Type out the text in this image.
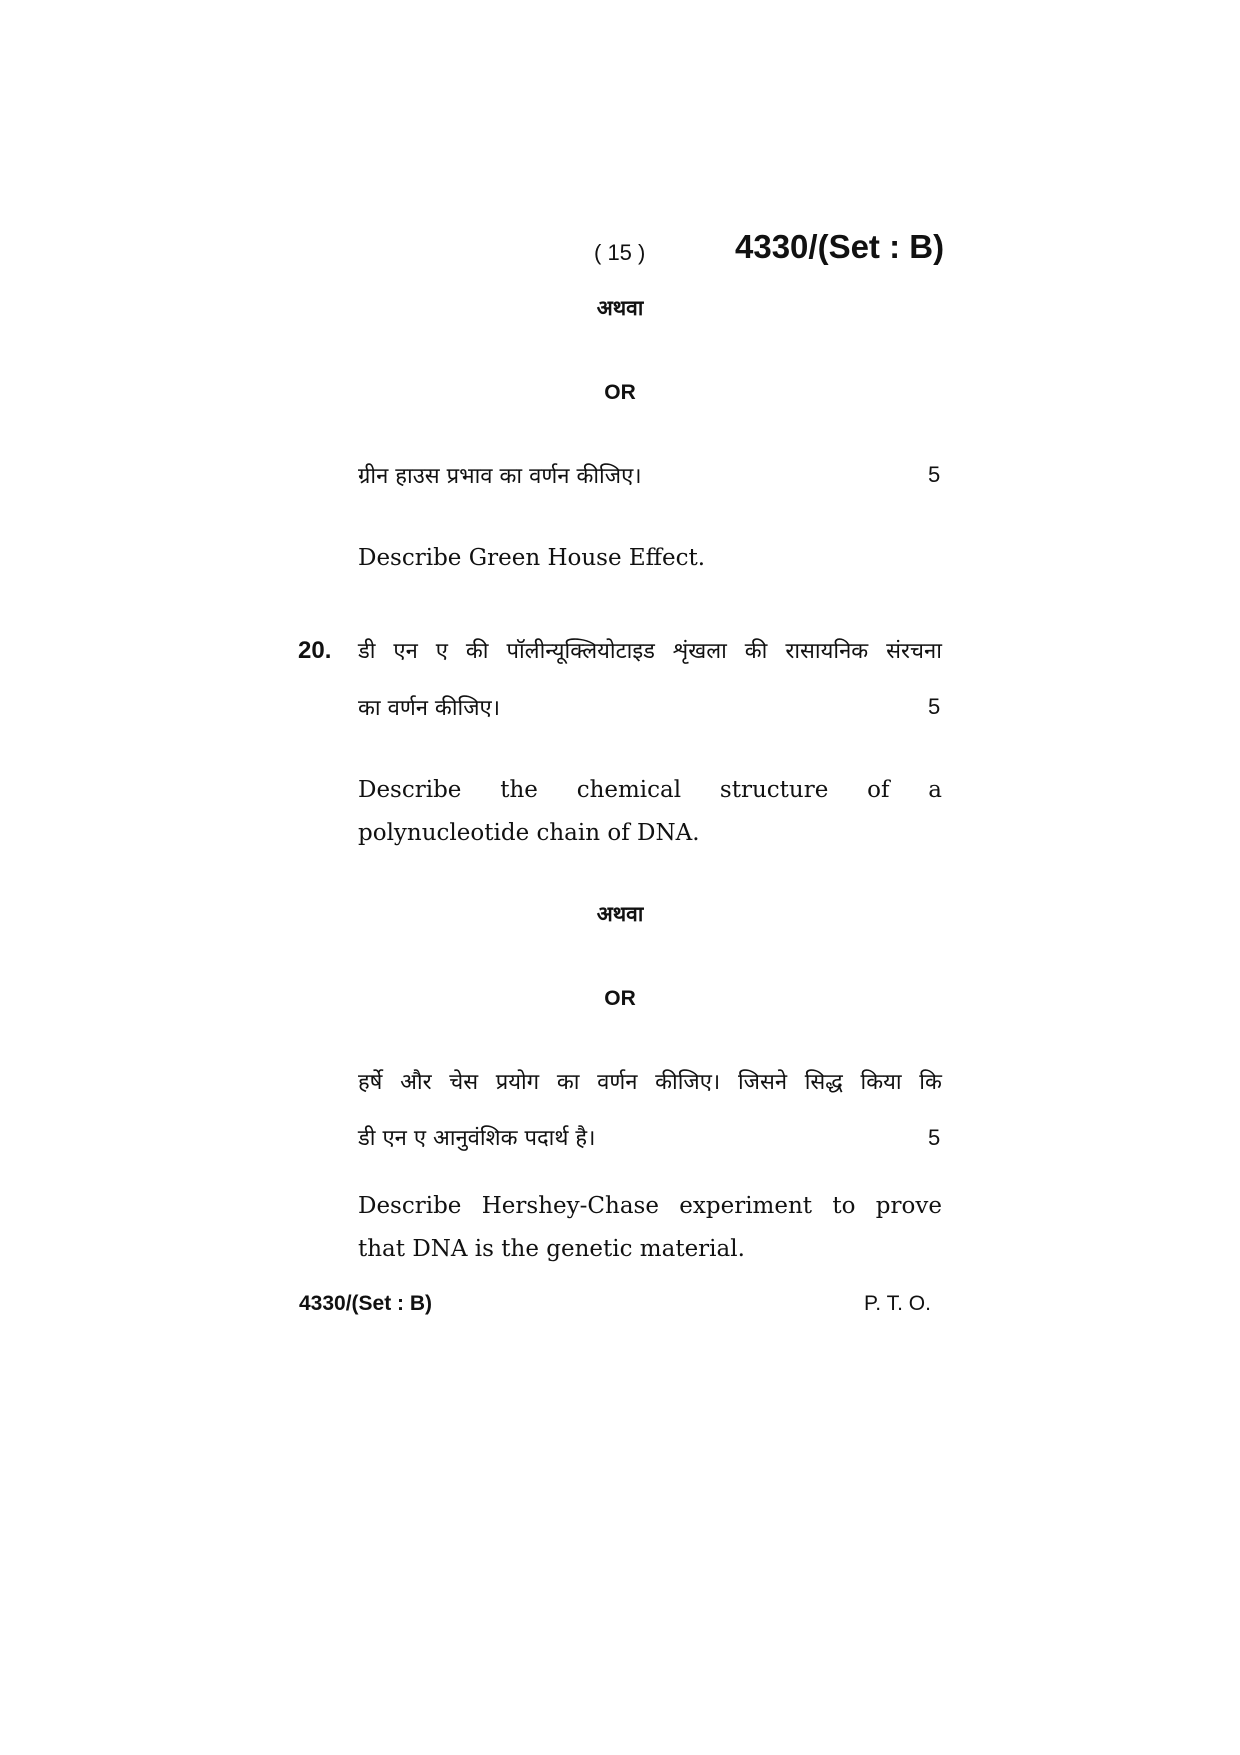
( 15 )	4330/(Set : B)
अथवा
OR
ग्रीन हाउस प्रभाव का वर्णन कीजिए।	5
Describe Green House Effect.
20. डी एन ए की पॉलीन्यूक्लियोटाइड शृंखला की रासायनिक संरचना
का वर्णन कीजिए।	5
Describe the chemical structure of a
polynucleotide chain of DNA.
अथवा
OR
हर्षे और चेस प्रयोग का वर्णन कीजिए। जिसने सिद्ध किया कि
डी एन ए आनुवंशिक पदार्थ है।	5
Describe Hershey-Chase experiment to prove
that DNA is the genetic material.
4330/(Set : B)	P. T. O.
